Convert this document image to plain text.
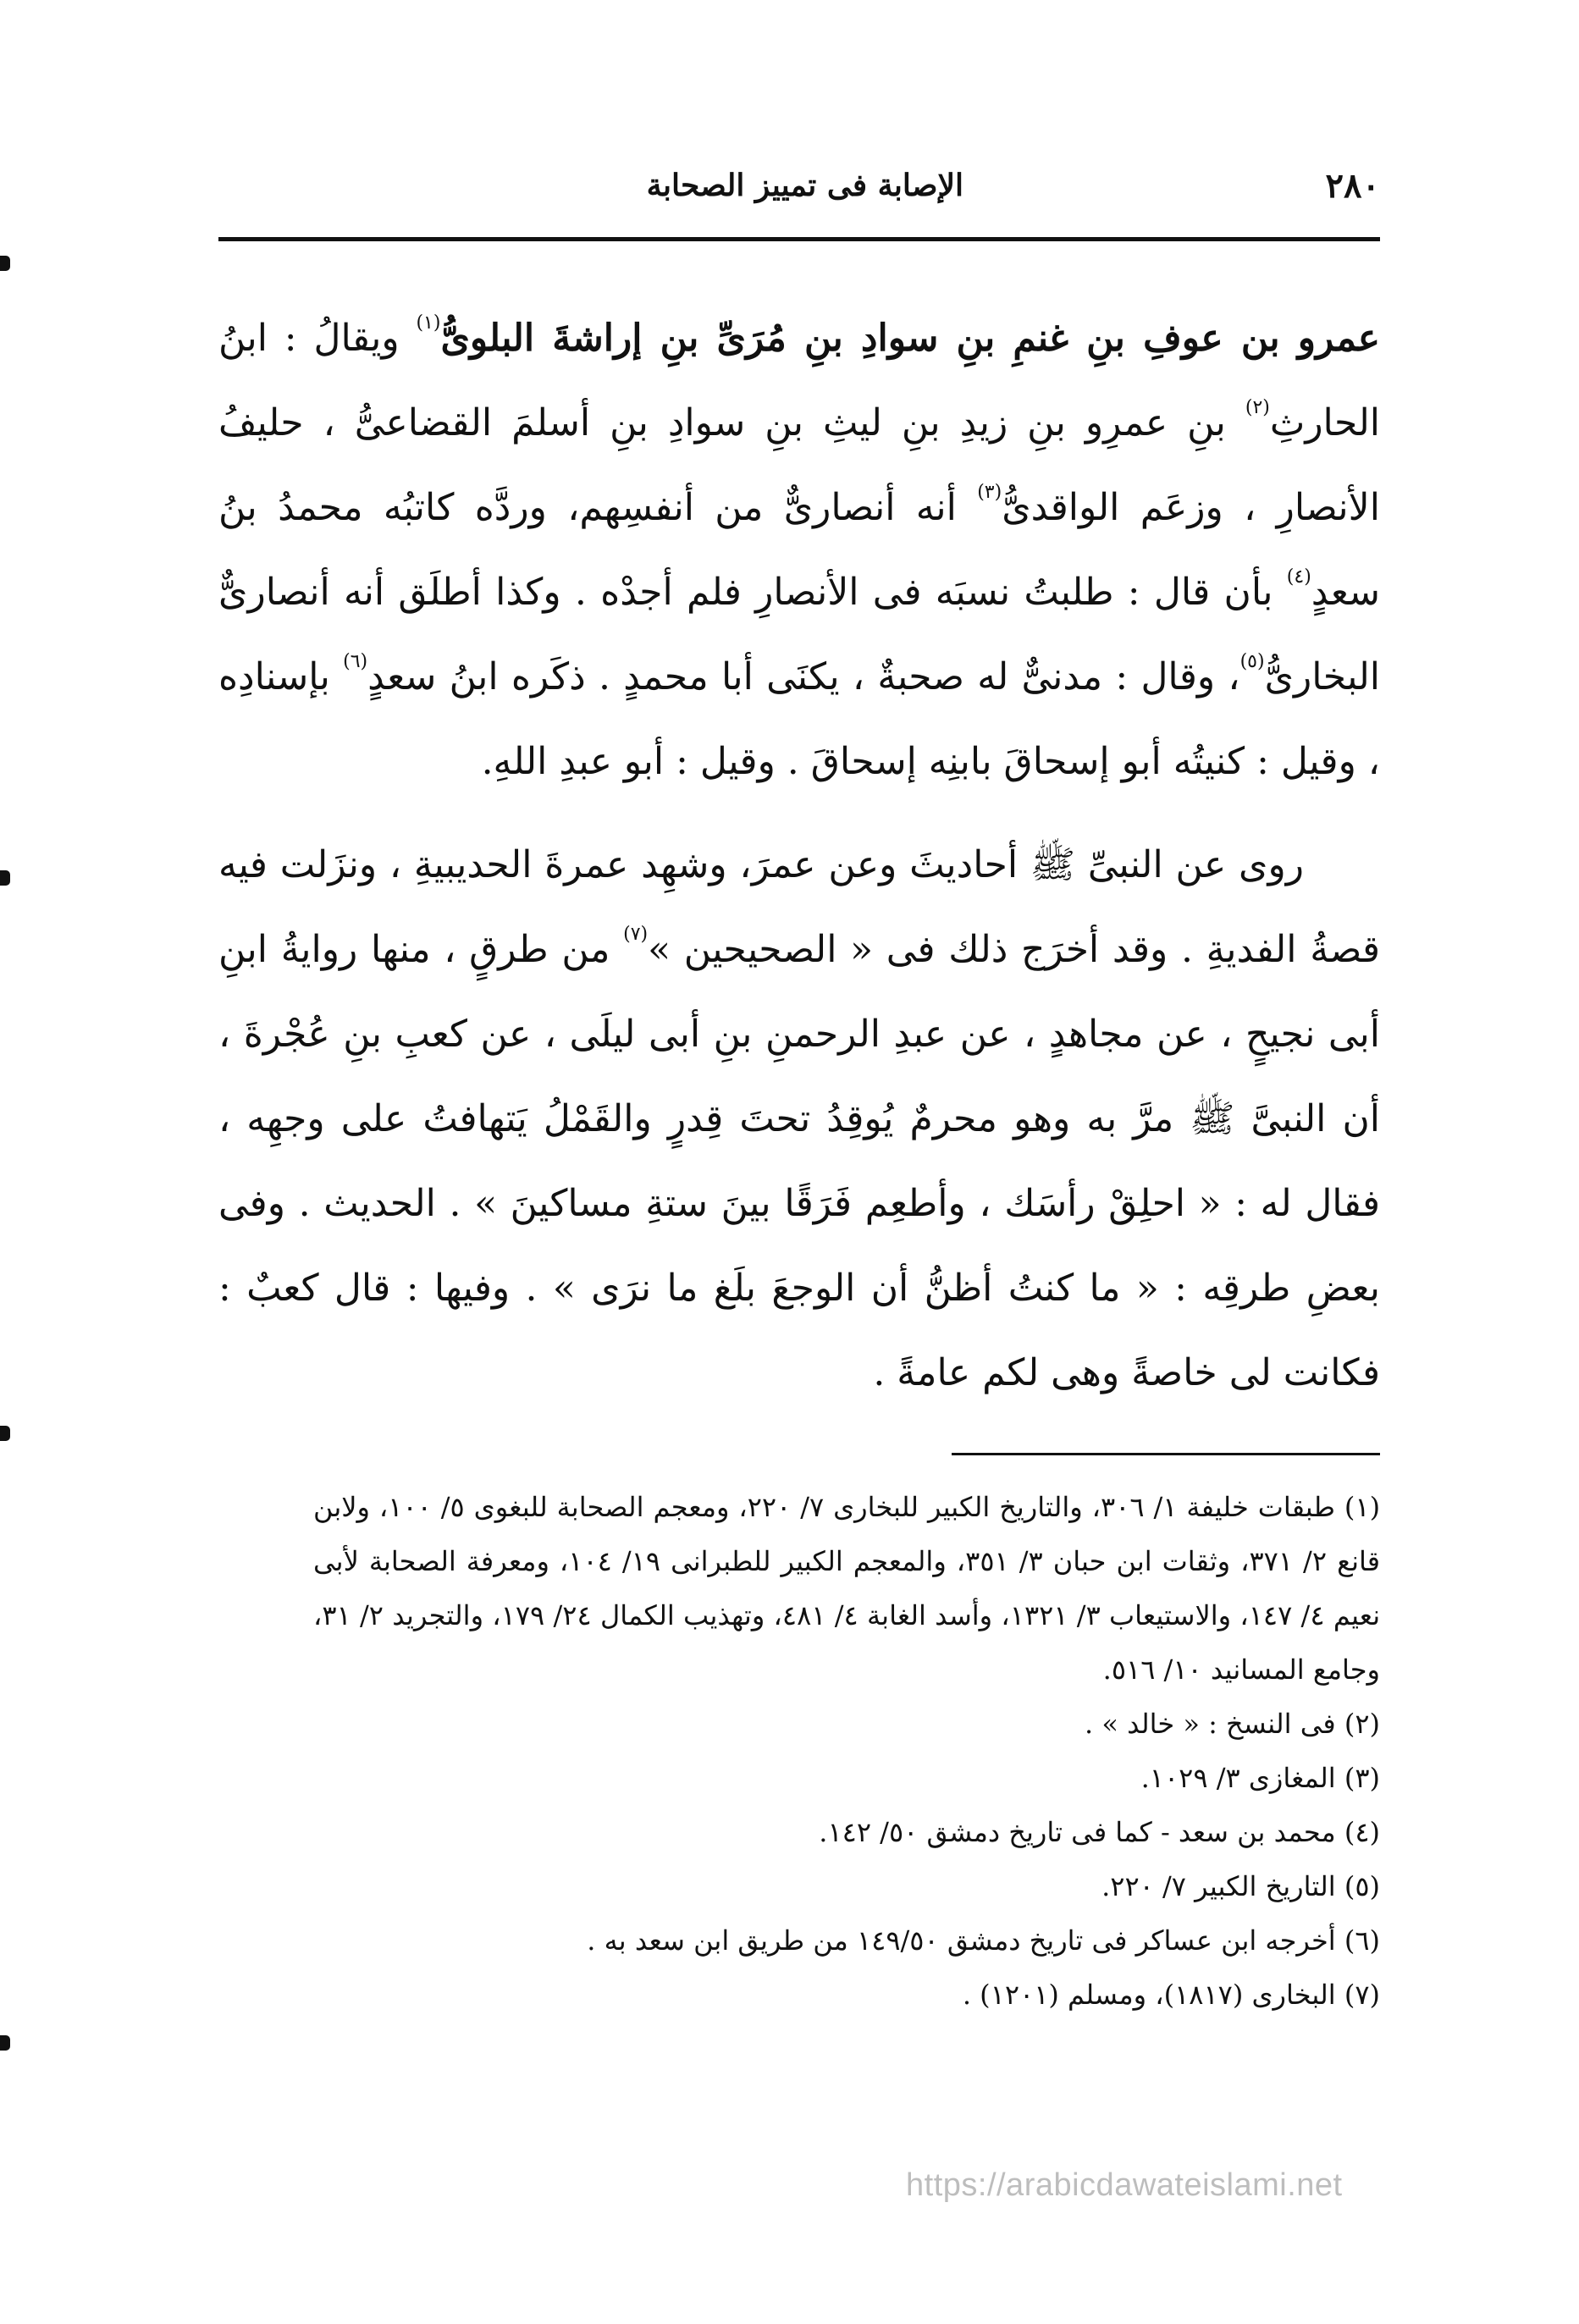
٢٨٠
الإصابة فى تمييز الصحابة

عمرو بن عوفِ بنِ غنمِ بنِ سوادِ بنِ مُرَىِّ بنِ إراشةَ البلوىُّ$^{(١)}$ ويقالُ : ابنُ الحارثِ$^{(٢)}$ بنِ عمرِو بنِ زيدِ بنِ ليثِ بنِ سوادِ بنِ أسلمَ القضاعىُّ ، حليفُ الأنصارِ ، وزعَم الواقدىُّ$^{(٣)}$ أنه أنصارىٌّ من أنفسِهم، وردَّه كاتبُه محمدُ بنُ سعدٍ$^{(٤)}$ بأن قال : طلبتُ نسبَه فى الأنصارِ فلم أجدْه . وكذا أطلَق أنه أنصارىٌّ البخارىُّ$^{(٥)}$، وقال : مدنىٌّ له صحبةٌ ، يكنَى أبا محمدٍ . ذكَره ابنُ سعدٍ$^{(٦)}$ بإسنادِه ، وقيل : كنيتُه أبو إسحاقَ بابنِه إسحاقَ . وقيل : أبو عبدِ اللهِ.

روى عن النبىِّ ﷺ أحاديثَ وعن عمرَ، وشهِد عمرةَ الحديبيةِ ، ونزَلت فيه قصةُ الفديةِ . وقد أخرَج ذلك فى « الصحيحين »$^{(٧)}$ من طرقٍ ، منها روايةُ ابنِ أبى نجيحٍ ، عن مجاهدٍ ، عن عبدِ الرحمنِ بنِ أبى ليلَى ، عن كعبِ بنِ عُجْرةَ ، أن النبىَّ ﷺ مرَّ به وهو محرمٌ يُوقِدُ تحتَ قِدرٍ والقَمْلُ يَتهافتُ على وجهِه ، فقال له : « احلِقْ رأسَك ، وأطعِم فَرَقًا بينَ ستةِ مساكينَ » . الحديث . وفى بعضِ طرقِه : « ما كنتُ أظنُّ أن الوجعَ بلَغ ما نرَى » . وفيها : قال كعبٌ : فكانت لى خاصةً وهى لكم عامةً .

(١) طبقات خليفة ١/ ٣٠٦، والتاريخ الكبير للبخارى ٧/ ٢٢٠، ومعجم الصحابة للبغوى ٥/ ١٠٠، ولابن قانع ٢/ ٣٧١، وثقات ابن حبان ٣/ ٣٥١، والمعجم الكبير للطبرانى ١٩/ ١٠٤، ومعرفة الصحابة لأبى نعيم ٤/ ١٤٧، والاستيعاب ٣/ ١٣٢١، وأسد الغابة ٤/ ٤٨١، وتهذيب الكمال ٢٤/ ١٧٩، والتجريد ٢/ ٣١، وجامع المسانيد ١٠/ ٥١٦.

(٢) فى النسخ : « خالد » .

(٣) المغازى ٣/ ١٠٢٩.

(٤) محمد بن سعد - كما فى تاريخ دمشق ٥٠/ ١٤٢.

(٥) التاريخ الكبير ٧/ ٢٢٠.

(٦) أخرجه ابن عساكر فى تاريخ دمشق ١٤٩/٥٠ من طريق ابن سعد به .

(٧) البخارى (١٨١٧)، ومسلم (١٢٠١) .

https://arabicdawateislami.net
